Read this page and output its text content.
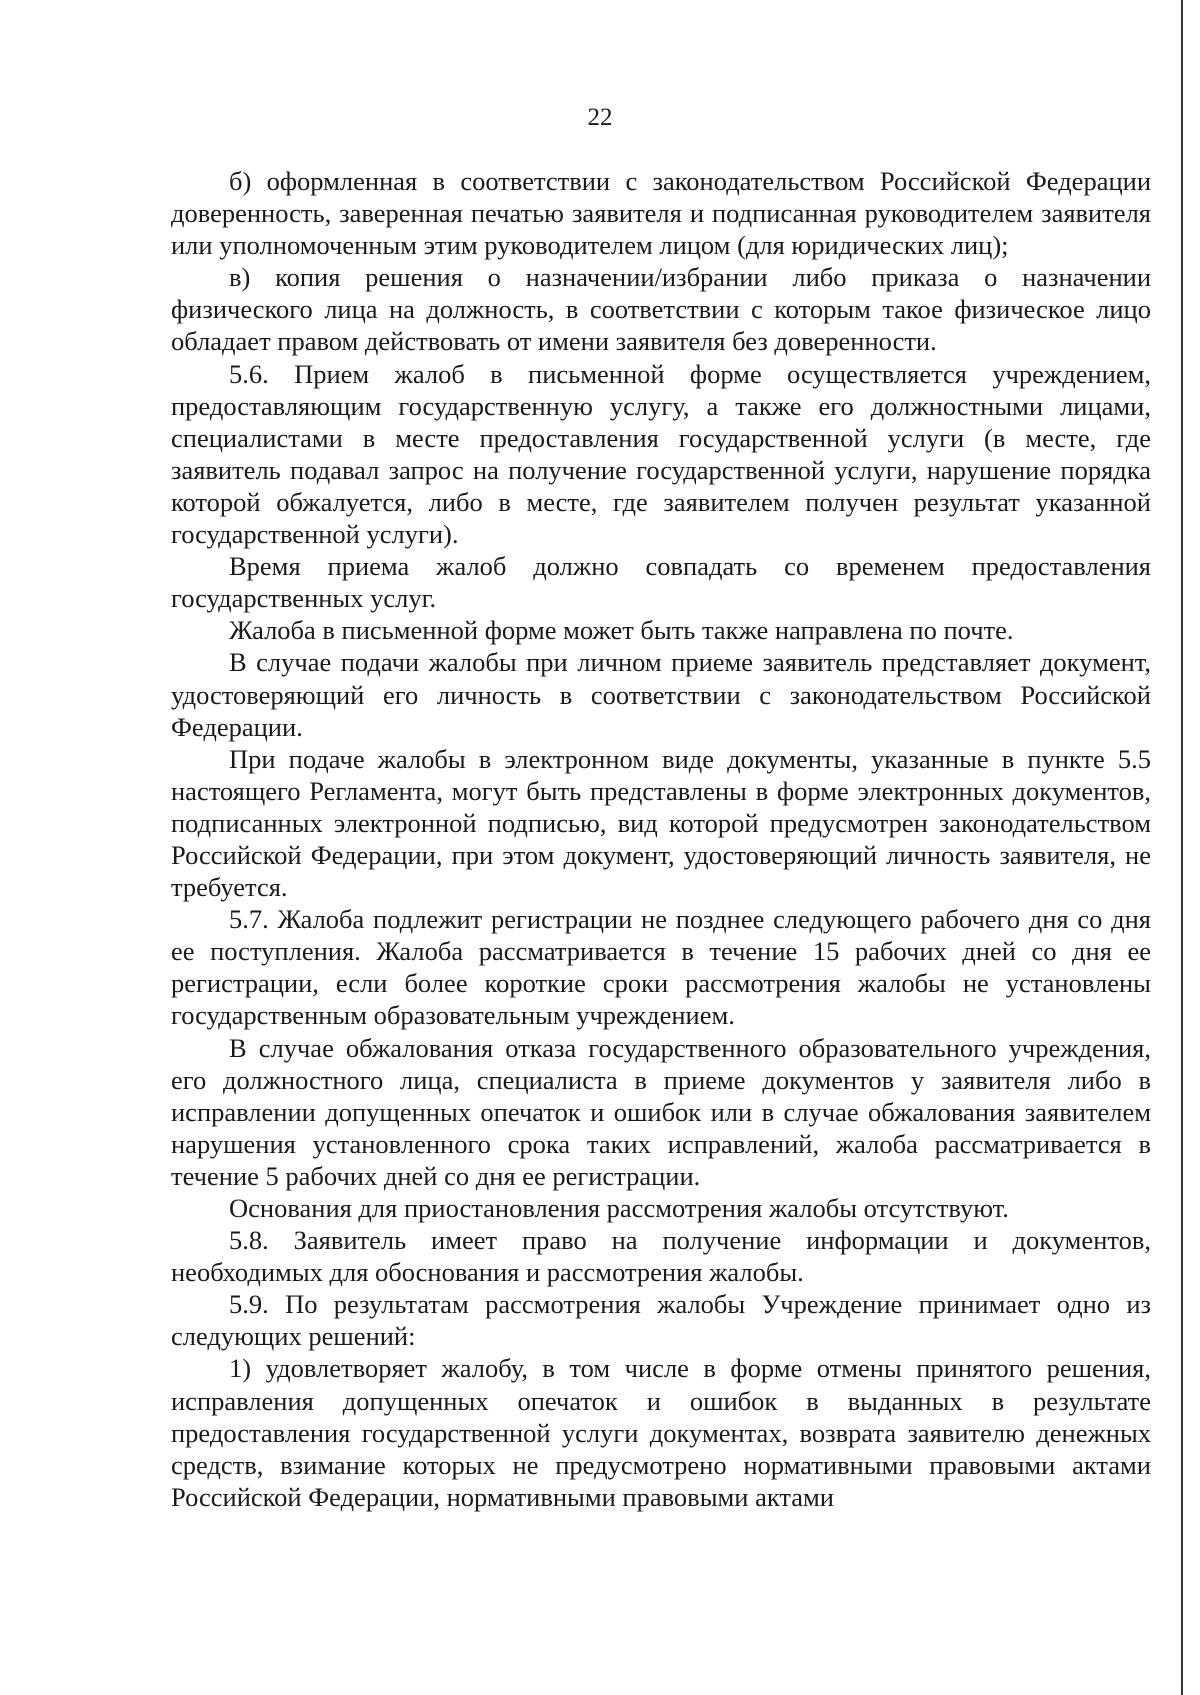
22

б) оформленная в соответствии с законодательством Российской Федерации доверенность, заверенная печатью заявителя и подписанная руководителем заявителя или уполномоченным этим руководителем лицом (для юридических лиц);

в) копия решения о назначении/избрании либо приказа о назначении физического лица на должность, в соответствии с которым такое физическое лицо обладает правом действовать от имени заявителя без доверенности.

5.6. Прием жалоб в письменной форме осуществляется учреждением, предоставляющим государственную услугу, а также его должностными лицами, специалистами в месте предоставления государственной услуги (в месте, где заявитель подавал запрос на получение государственной услуги, нарушение порядка которой обжалуется, либо в месте, где заявителем получен результат указанной государственной услуги).

Время приема жалоб должно совпадать со временем предоставления государственных услуг.

Жалоба в письменной форме может быть также направлена по почте.

В случае подачи жалобы при личном приеме заявитель представляет документ, удостоверяющий его личность в соответствии с законодательством Российской Федерации.

При подаче жалобы в электронном виде документы, указанные в пункте 5.5 настоящего Регламента, могут быть представлены в форме электронных документов, подписанных электронной подписью, вид которой предусмотрен законодательством Российской Федерации, при этом документ, удостоверяющий личность заявителя, не требуется.

5.7. Жалоба подлежит регистрации не позднее следующего рабочего дня со дня ее поступления. Жалоба рассматривается в течение 15 рабочих дней со дня ее регистрации, если более короткие сроки рассмотрения жалобы не установлены государственным образовательным учреждением.

В случае обжалования отказа государственного образовательного учреждения, его должностного лица, специалиста в приеме документов у заявителя либо в исправлении допущенных опечаток и ошибок или в случае обжалования заявителем нарушения установленного срока таких исправлений, жалоба рассматривается в течение 5 рабочих дней со дня ее регистрации.

Основания для приостановления рассмотрения жалобы отсутствуют.

5.8. Заявитель имеет право на получение информации и документов, необходимых для обоснования и рассмотрения жалобы.

5.9. По результатам рассмотрения жалобы Учреждение принимает одно из следующих решений:

1) удовлетворяет жалобу, в том числе в форме отмены принятого решения, исправления допущенных опечаток и ошибок в выданных в результате предоставления государственной услуги документах, возврата заявителю денежных средств, взимание которых не предусмотрено нормативными правовыми актами Российской Федерации, нормативными правовыми актами
